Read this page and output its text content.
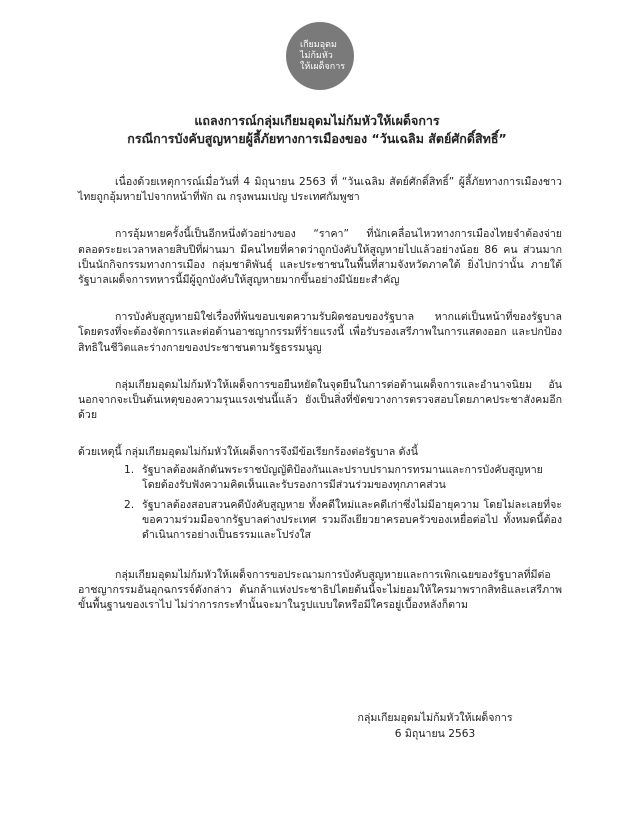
เกียมอุดม
ไม่ก้มหัว
ให้เผด็จการ
แถลงการณ์กลุ่มเกียมอุดมไม่ก้มหัวให้เผด็จการ
กรณีการบังคับสูญหายผู้ลี้ภัยทางการเมืองของ “วันเฉลิม สัตย์ศักดิ์สิทธิ์”

เนื่องด้วยเหตุการณ์เมื่อวันที่ 4 มิถุนายน 2563 ที่ “วันเฉลิม สัตย์ศักดิ์สิทธิ์” ผู้ลี้ภัยทางการเมืองชาวไทยถูกอุ้มหายไปจากหน้าที่พัก ณ กรุงพนมเปญ ประเทศกัมพูชา

การอุ้มหายครั้งนี้เป็นอีกหนึ่งตัวอย่างของ “ราคา” ที่นักเคลื่อนไหวทางการเมืองไทยจำต้องจ่าย ตลอดระยะเวลาหลายสิบปีที่ผ่านมา มีคนไทยที่คาดว่าถูกบังคับให้สูญหายไปแล้วอย่างน้อย 86 คน ส่วนมากเป็นนักกิจกรรมทางการเมือง กลุ่มชาติพันธุ์ และประชาชนในพื้นที่สามจังหวัดภาคใต้ ยิ่งไปกว่านั้น ภายใต้รัฐบาลเผด็จการทหารนี้มีผู้ถูกบังคับให้สูญหายมากขึ้นอย่างมีนัยยะสำคัญ

การบังคับสูญหายมิใช่เรื่องที่พ้นขอบเขตความรับผิดชอบของรัฐบาล หากแต่เป็นหน้าที่ของรัฐบาลโดยตรงที่จะต้องจัดการและต่อต้านอาชญากรรมที่ร้ายแรงนี้ เพื่อรับรองเสรีภาพในการแสดงออก และปกป้องสิทธิในชีวิตและร่างกายของประชาชนตามรัฐธรรมนูญ

กลุ่มเกียมอุดมไม่ก้มหัวให้เผด็จการขอยืนหยัดในจุดยืนในการต่อต้านเผด็จการและอำนาจนิยม อันนอกจากจะเป็นต้นเหตุของความรุนแรงเช่นนี้แล้ว ยังเป็นสิ่งที่ขัดขวางการตรวจสอบโดยภาคประชาสังคมอีกด้วย

ด้วยเหตุนี้ กลุ่มเกียมอุดมไม่ก้มหัวให้เผด็จการจึงมีข้อเรียกร้องต่อรัฐบาล ดังนี้

1. รัฐบาลต้องผลักดันพระราชบัญญัติป้องกันและปราบปรามการทรมานและการบังคับสูญหาย โดยต้องรับฟังความคิดเห็นและรับรองการมีส่วนร่วมของทุกภาคส่วน
2. รัฐบาลต้องสอบสวนคดีบังคับสูญหาย ทั้งคดีใหม่และคดีเก่าซึ่งไม่มีอายุความ โดยไม่ละเลยที่จะขอความร่วมมือจากรัฐบาลต่างประเทศ รวมถึงเยียวยาครอบครัวของเหยื่อต่อไป ทั้งหมดนี้ต้องดำเนินการอย่างเป็นธรรมและโปร่งใส

กลุ่มเกียมอุดมไม่ก้มหัวให้เผด็จการขอประณามการบังคับสูญหายและการเพิกเฉยของรัฐบาลที่มีต่ออาชญากรรมอันอุกฉกรรจ์ดังกล่าว ต้นกล้าแห่งประชาธิปไตยต้นนี้จะไม่ยอมให้ใครมาพรากสิทธิและเสรีภาพขั้นพื้นฐานของเราไป ไม่ว่าการกระทำนั้นจะมาในรูปแบบใดหรือมีใครอยู่เบื้องหลังก็ตาม

กลุ่มเกียมอุดมไม่ก้มหัวให้เผด็จการ
6 มิถุนายน 2563
